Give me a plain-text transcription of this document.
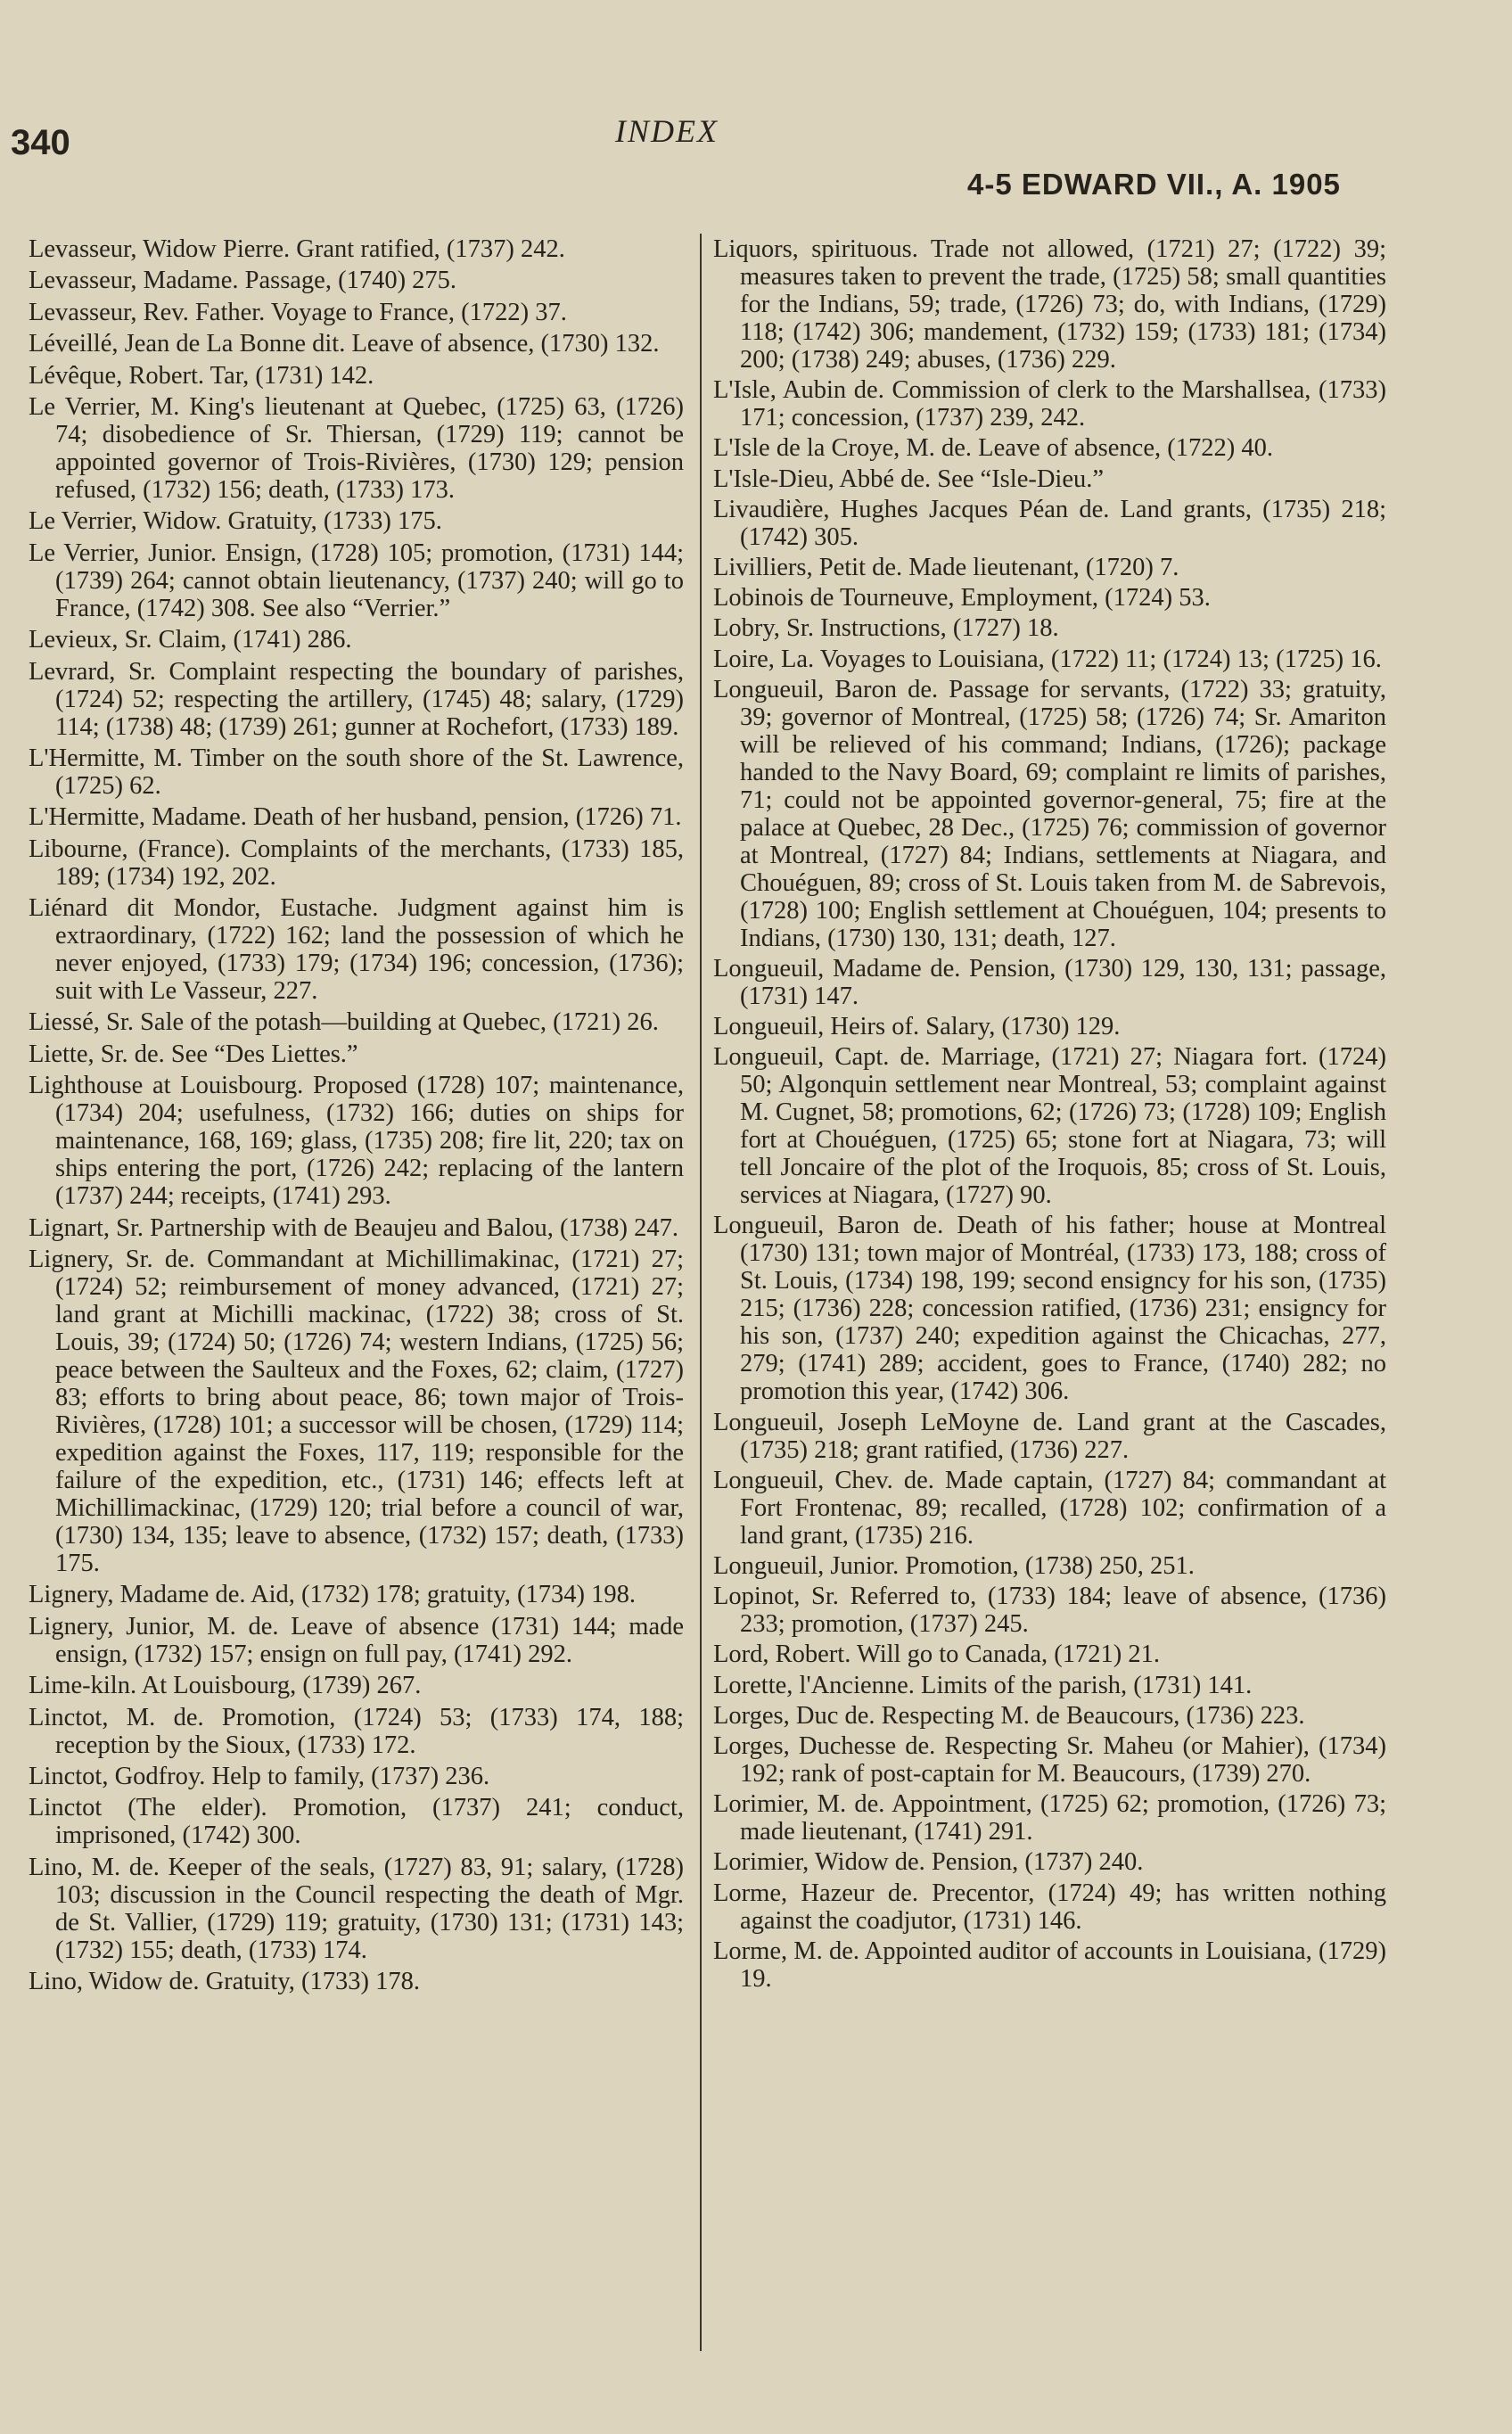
340	INDEX
4-5 EDWARD VII., A. 1905

Levasseur, Widow Pierre. Grant ratified, (1737) 242.

Levasseur, Madame. Passage, (1740) 275.

Levasseur, Rev. Father. Voyage to France, (1722) 37.

Léveillé, Jean de La Bonne dit. Leave of absence, (1730) 132.

Lévêque, Robert. Tar, (1731) 142.

Le Verrier, M. King's lieutenant at Quebec, (1725) 63, (1726) 74; disobedience of Sr. Thiersan, (1729) 119; cannot be appointed governor of Trois-Rivières, (1730) 129; pension refused, (1732) 156; death, (1733) 173.

Le Verrier, Widow. Gratuity, (1733) 175.

Le Verrier, Junior. Ensign, (1728) 105; promotion, (1731) 144; (1739) 264; cannot obtain lieutenancy, (1737) 240; will go to France, (1742) 308. See also “Verrier.”

Levieux, Sr. Claim, (1741) 286.

Levrard, Sr. Complaint respecting the boundary of parishes, (1724) 52; respecting the artillery, (1745) 48; salary, (1729) 114; (1738) 48; (1739) 261; gunner at Rochefort, (1733) 189.

L'Hermitte, M. Timber on the south shore of the St. Lawrence, (1725) 62.

L'Hermitte, Madame. Death of her husband, pension, (1726) 71.

Libourne, (France). Complaints of the merchants, (1733) 185, 189; (1734) 192, 202.

Liénard dit Mondor, Eustache. Judgment against him is extraordinary, (1722) 162; land the possession of which he never enjoyed, (1733) 179; (1734) 196; concession, (1736); suit with Le Vasseur, 227.

Liessé, Sr. Sale of the potash—building at Quebec, (1721) 26.

Liette, Sr. de. See “Des Liettes.”

Lighthouse at Louisbourg. Proposed (1728) 107; maintenance, (1734) 204; usefulness, (1732) 166; duties on ships for maintenance, 168, 169; glass, (1735) 208; fire lit, 220; tax on ships entering the port, (1726) 242; replacing of the lantern (1737) 244; receipts, (1741) 293.

Lignart, Sr. Partnership with de Beaujeu and Balou, (1738) 247.

Lignery, Sr. de. Commandant at Michillimakinac, (1721) 27; (1724) 52; reimbursement of money advanced, (1721) 27; land grant at Michilli mackinac, (1722) 38; cross of St. Louis, 39; (1724) 50; (1726) 74; western Indians, (1725) 56; peace between the Saulteux and the Foxes, 62; claim, (1727) 83; efforts to bring about peace, 86; town major of Trois-Rivières, (1728) 101; a successor will be chosen, (1729) 114; expedition against the Foxes, 117, 119; responsible for the failure of the expedition, etc., (1731) 146; effects left at Michillimackinac, (1729) 120; trial before a council of war, (1730) 134, 135; leave to absence, (1732) 157; death, (1733) 175.

Lignery, Madame de. Aid, (1732) 178; gratuity, (1734) 198.

Lignery, Junior, M. de. Leave of absence (1731) 144; made ensign, (1732) 157; ensign on full pay, (1741) 292.

Lime-kiln. At Louisbourg, (1739) 267.

Linctot, M. de. Promotion, (1724) 53; (1733) 174, 188; reception by the Sioux, (1733) 172.

Linctot, Godfroy. Help to family, (1737) 236.

Linctot (The elder). Promotion, (1737) 241; conduct, imprisoned, (1742) 300.

Lino, M. de. Keeper of the seals, (1727) 83, 91; salary, (1728) 103; discussion in the Council respecting the death of Mgr. de St. Vallier, (1729) 119; gratuity, (1730) 131; (1731) 143; (1732) 155; death, (1733) 174.

Lino, Widow de. Gratuity, (1733) 178.

Liquors, spirituous. Trade not allowed, (1721) 27; (1722) 39; measures taken to prevent the trade, (1725) 58; small quantities for the Indians, 59; trade, (1726) 73; do, with Indians, (1729) 118; (1742) 306; mandement, (1732) 159; (1733) 181; (1734) 200; (1738) 249; abuses, (1736) 229.

L'Isle, Aubin de. Commission of clerk to the Marshallsea, (1733) 171; concession, (1737) 239, 242.

L'Isle de la Croye, M. de. Leave of absence, (1722) 40.

L'Isle-Dieu, Abbé de. See “Isle-Dieu.”

Livaudière, Hughes Jacques Péan de. Land grants, (1735) 218; (1742) 305.

Livilliers, Petit de. Made lieutenant, (1720) 7.

Lobinois de Tourneuve, Employment, (1724) 53.

Lobry, Sr. Instructions, (1727) 18.

Loire, La. Voyages to Louisiana, (1722) 11; (1724) 13; (1725) 16.

Longueuil, Baron de. Passage for servants, (1722) 33; gratuity, 39; governor of Montreal, (1725) 58; (1726) 74; Sr. Amariton will be relieved of his command; Indians, (1726); package handed to the Navy Board, 69; complaint re limits of parishes, 71; could not be appointed governor-general, 75; fire at the palace at Quebec, 28 Dec., (1725) 76; commission of governor at Montreal, (1727) 84; Indians, settlements at Niagara, and Chouéguen, 89; cross of St. Louis taken from M. de Sabrevois, (1728) 100; English settlement at Chouéguen, 104; presents to Indians, (1730) 130, 131; death, 127.

Longueuil, Madame de. Pension, (1730) 129, 130, 131; passage, (1731) 147.

Longueuil, Heirs of. Salary, (1730) 129.

Longueuil, Capt. de. Marriage, (1721) 27; Niagara fort. (1724) 50; Algonquin settlement near Montreal, 53; complaint against M. Cugnet, 58; promotions, 62; (1726) 73; (1728) 109; English fort at Chouéguen, (1725) 65; stone fort at Niagara, 73; will tell Joncaire of the plot of the Iroquois, 85; cross of St. Louis, services at Niagara, (1727) 90.

Longueuil, Baron de. Death of his father; house at Montreal (1730) 131; town major of Montréal, (1733) 173, 188; cross of St. Louis, (1734) 198, 199; second ensigncy for his son, (1735) 215; (1736) 228; concession ratified, (1736) 231; ensigncy for his son, (1737) 240; expedition against the Chicachas, 277, 279; (1741) 289; accident, goes to France, (1740) 282; no promotion this year, (1742) 306.

Longueuil, Joseph LeMoyne de. Land grant at the Cascades, (1735) 218; grant ratified, (1736) 227.

Longueuil, Chev. de. Made captain, (1727) 84; commandant at Fort Frontenac, 89; recalled, (1728) 102; confirmation of a land grant, (1735) 216.

Longueuil, Junior. Promotion, (1738) 250, 251.

Lopinot, Sr. Referred to, (1733) 184; leave of absence, (1736) 233; promotion, (1737) 245.

Lord, Robert. Will go to Canada, (1721) 21.

Lorette, l'Ancienne. Limits of the parish, (1731) 141.

Lorges, Duc de. Respecting M. de Beaucours, (1736) 223.

Lorges, Duchesse de. Respecting Sr. Maheu (or Mahier), (1734) 192; rank of post-captain for M. Beaucours, (1739) 270.

Lorimier, M. de. Appointment, (1725) 62; promotion, (1726) 73; made lieutenant, (1741) 291.

Lorimier, Widow de. Pension, (1737) 240.

Lorme, Hazeur de. Precentor, (1724) 49; has written nothing against the coadjutor, (1731) 146.

Lorme, M. de. Appointed auditor of accounts in Louisiana, (1729) 19.
